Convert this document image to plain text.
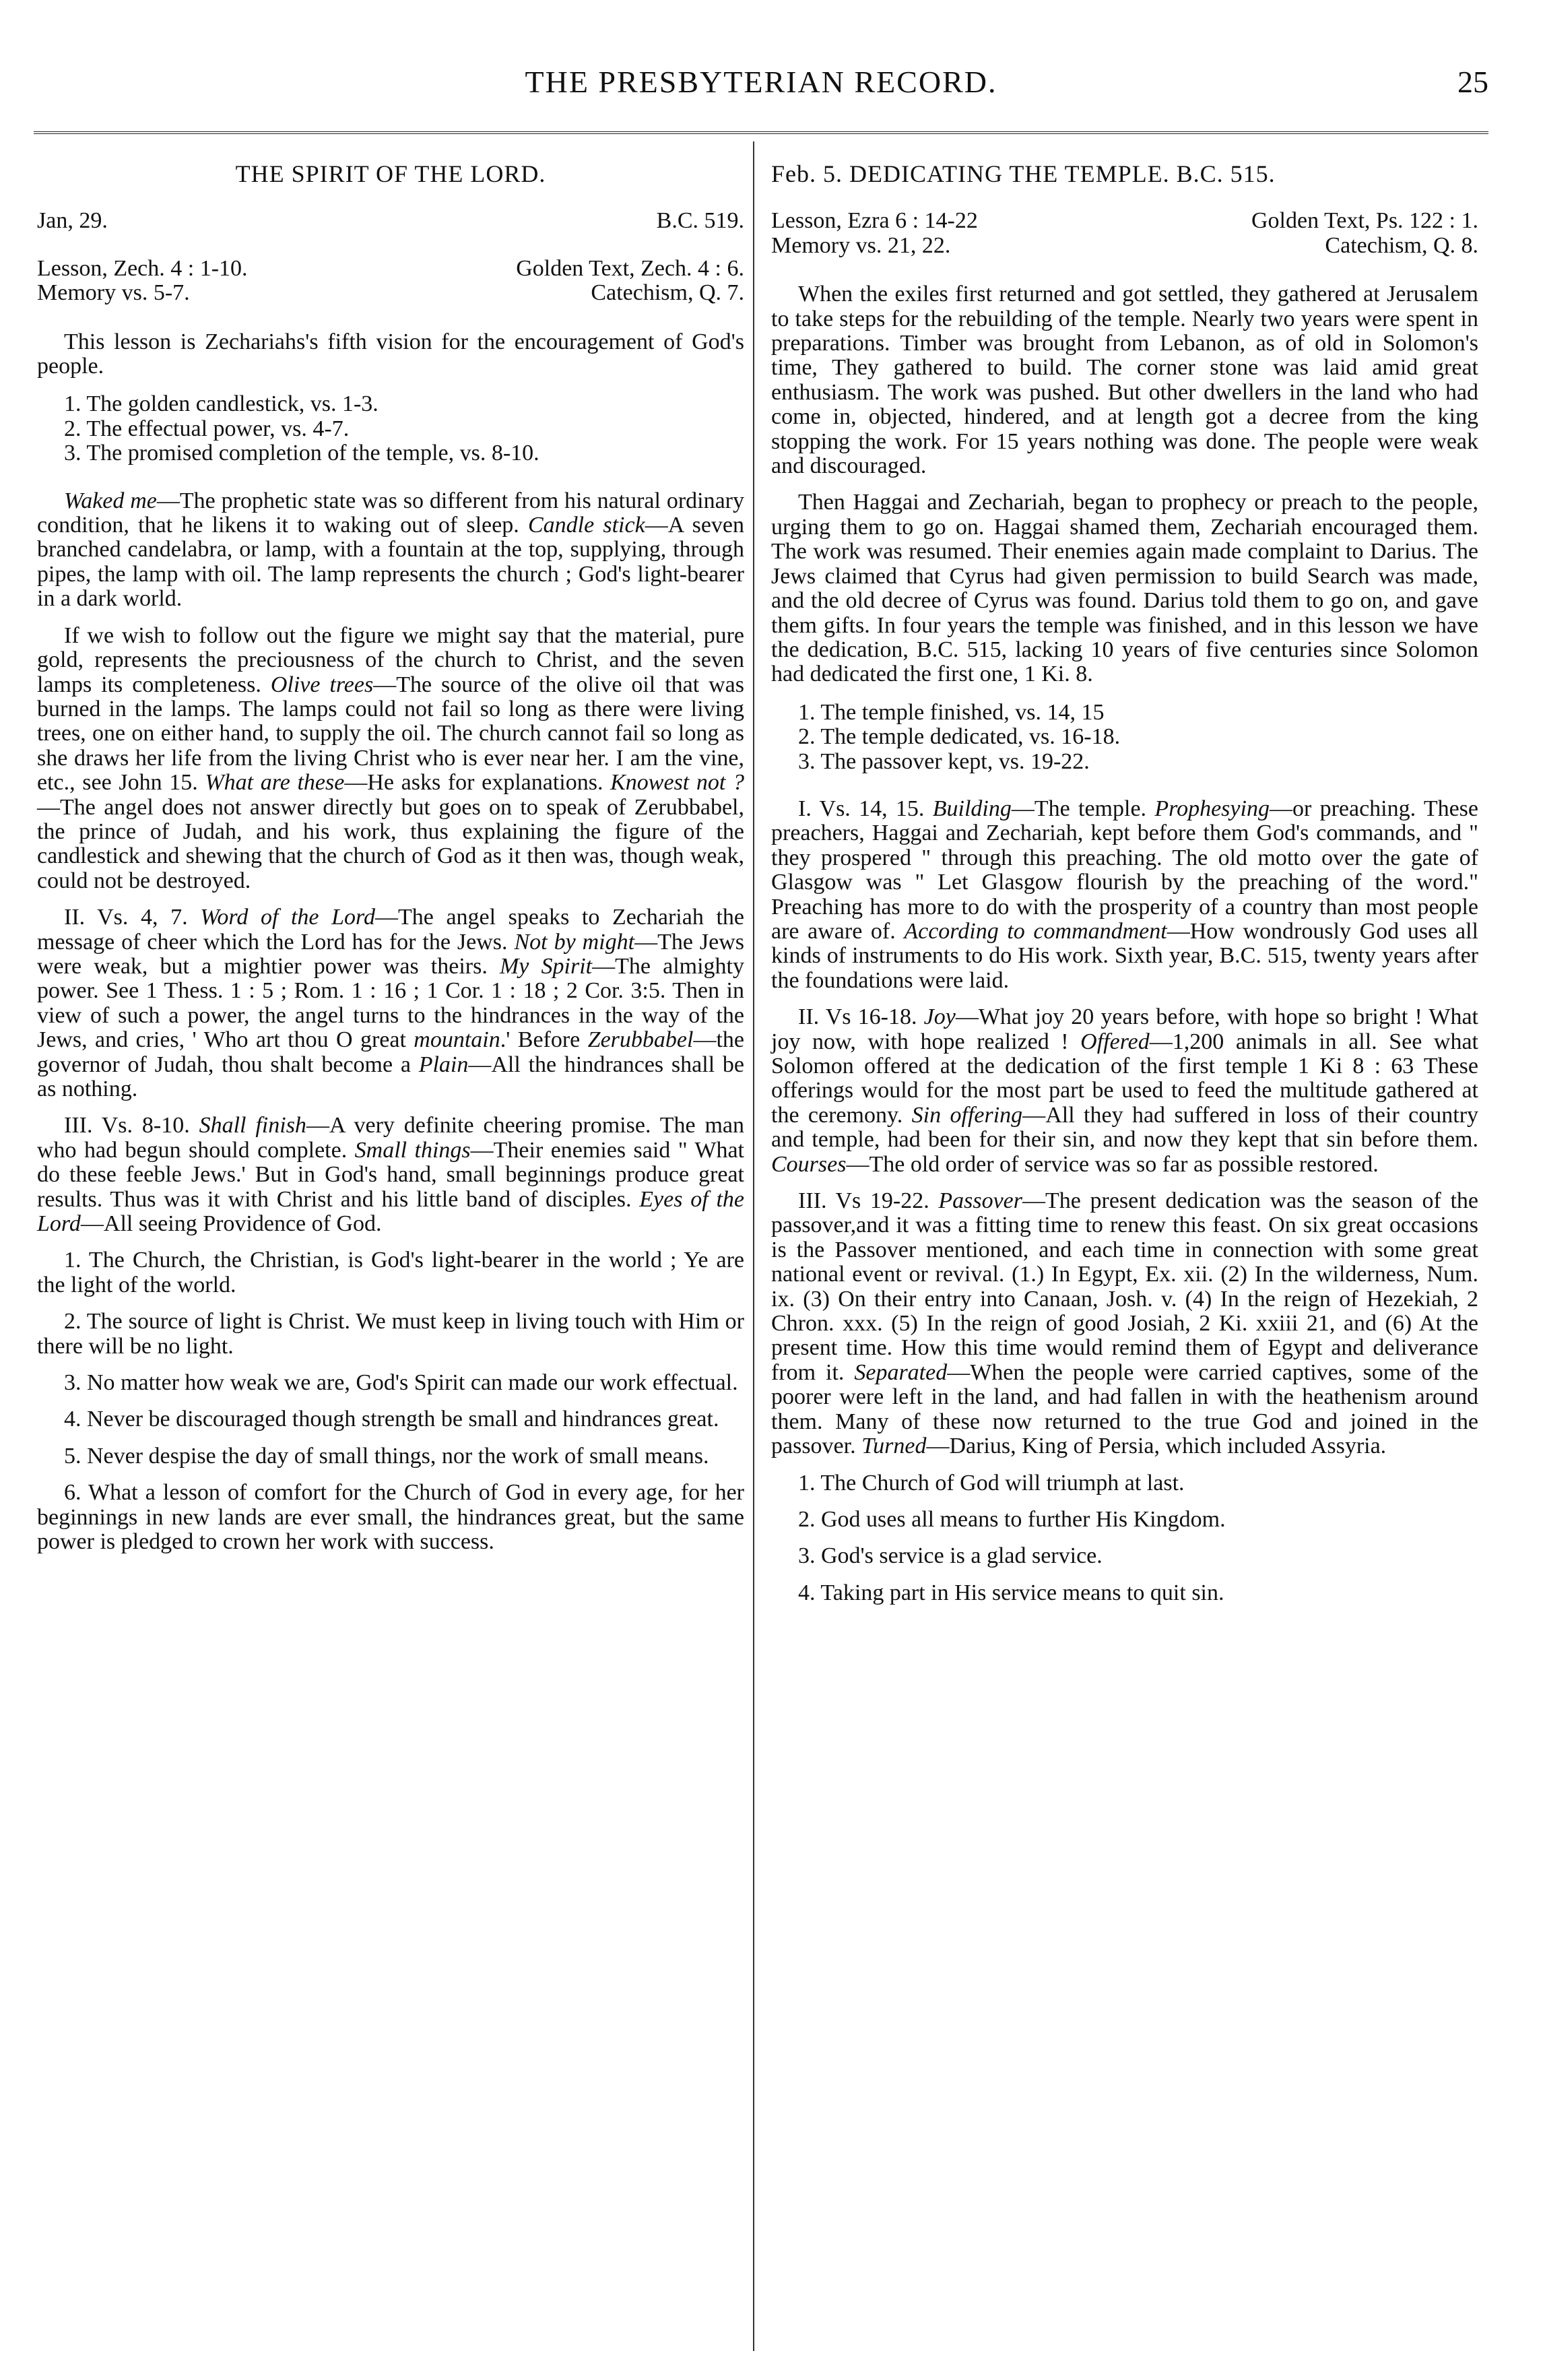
THE PRESBYTERIAN RECORD.	25
THE SPIRIT OF THE LORD.
Jan, 29.	B.C. 519.
Lesson, Zech. 4 : 1-10.	Golden Text, Zech. 4 : 6.
Memory vs. 5-7.	Catechism, Q. 7.

This lesson is Zechariahs's fifth vision for the encouragement of God's people.

1. The golden candlestick, vs. 1-3.
2. The effectual power, vs. 4-7.
3. The promised completion of the temple, vs. 8-10.

Waked me—The prophetic state was so different from his natural ordinary condition, that he likens it to waking out of sleep. Candle stick—A seven branched candelabra, or lamp, with a fountain at the top, supplying, through pipes, the lamp with oil. The lamp represents the church ; God's light-bearer in a dark world.

If we wish to follow out the figure we might say that the material, pure gold, represents the preciousness of the church to Christ, and the seven lamps its completeness. Olive trees—The source of the olive oil that was burned in the lamps. The lamps could not fail so long as there were living trees, one on either hand, to supply the oil. The church cannot fail so long as she draws her life from the living Christ who is ever near her. I am the vine, etc., see John 15. What are these—He asks for explanations. Knowest not ?—The angel does not answer directly but goes on to speak of Zerubbabel, the prince of Judah, and his work, thus explaining the figure of the candlestick and shewing that the church of God as it then was, though weak, could not be destroyed.

II. Vs. 4, 7. Word of the Lord—The angel speaks to Zechariah the message of cheer which the Lord has for the Jews. Not by might—The Jews were weak, but a mightier power was theirs. My Spirit—The almighty power. See 1 Thess. 1 : 5 ; Rom. 1 : 16 ; 1 Cor. 1 : 18 ; 2 Cor. 3:5. Then in view of such a power, the angel turns to the hindrances in the way of the Jews, and cries, ' Who art thou O great mountain.' Before Zerubbabel—the governor of Judah, thou shalt become a Plain—All the hindrances shall be as nothing.

III. Vs. 8-10. Shall finish—A very definite cheering promise. The man who had begun should complete. Small things—Their enemies said " What do these feeble Jews.' But in God's hand, small beginnings produce great results. Thus was it with Christ and his little band of disciples. Eyes of the Lord—All seeing Providence of God.

1. The Church, the Christian, is God's light-bearer in the world ; Ye are the light of the world.

2. The source of light is Christ. We must keep in living touch with Him or there will be no light.

3. No matter how weak we are, God's Spirit can made our work effectual.

4. Never be discouraged though strength be small and hindrances great.

5. Never despise the day of small things, nor the work of small means.

6. What a lesson of comfort for the Church of God in every age, for her beginnings in new lands are ever small, the hindrances great, but the same power is pledged to crown her work with success.

Feb. 5. DEDICATING THE TEMPLE. B.C. 515.
Lesson, Ezra 6 : 14-22	Golden Text, Ps. 122 : 1.
Memory vs. 21, 22.	Catechism, Q. 8.

When the exiles first returned and got settled, they gathered at Jerusalem to take steps for the rebuilding of the temple. Nearly two years were spent in preparations. Timber was brought from Lebanon, as of old in Solomon's time, They gathered to build. The corner stone was laid amid great enthusiasm. The work was pushed. But other dwellers in the land who had come in, objected, hindered, and at length got a decree from the king stopping the work. For 15 years nothing was done. The people were weak and discouraged.

Then Haggai and Zechariah, began to prophecy or preach to the people, urging them to go on. Haggai shamed them, Zechariah encouraged them. The work was resumed. Their enemies again made complaint to Darius. The Jews claimed that Cyrus had given permission to build Search was made, and the old decree of Cyrus was found. Darius told them to go on, and gave them gifts. In four years the temple was finished, and in this lesson we have the dedication, B.C. 515, lacking 10 years of five centuries since Solomon had dedicated the first one, 1 Ki. 8.

1. The temple finished, vs. 14, 15
2. The temple dedicated, vs. 16-18.
3. The passover kept, vs. 19-22.

I. Vs. 14, 15. Building—The temple. Prophesying—or preaching. These preachers, Haggai and Zechariah, kept before them God's commands, and " they prospered " through this preaching. The old motto over the gate of Glasgow was " Let Glasgow flourish by the preaching of the word." Preaching has more to do with the prosperity of a country than most people are aware of. According to commandment—How wondrously God uses all kinds of instruments to do His work. Sixth year, B.C. 515, twenty years after the foundations were laid.

II. Vs 16-18. Joy—What joy 20 years before, with hope so bright ! What joy now, with hope realized ! Offered—1,200 animals in all. See what Solomon offered at the dedication of the first temple 1 Ki 8 : 63 These offerings would for the most part be used to feed the multitude gathered at the ceremony. Sin offering—All they had suffered in loss of their country and temple, had been for their sin, and now they kept that sin before them. Courses—The old order of service was so far as possible restored.

III. Vs 19-22. Passover—The present dedication was the season of the passover,and it was a fitting time to renew this feast. On six great occasions is the Passover mentioned, and each time in connection with some great national event or revival. (1.) In Egypt, Ex. xii. (2) In the wilderness, Num. ix. (3) On their entry into Canaan, Josh. v. (4) In the reign of Hezekiah, 2 Chron. xxx. (5) In the reign of good Josiah, 2 Ki. xxiii 21, and (6) At the present time. How this time would remind them of Egypt and deliverance from it. Separated—When the people were carried captives, some of the poorer were left in the land, and had fallen in with the heathenism around them. Many of these now returned to the true God and joined in the passover. Turned—Darius, King of Persia, which included Assyria.

1. The Church of God will triumph at last.

2. God uses all means to further His Kingdom.

3. God's service is a glad service.

4. Taking part in His service means to quit sin.
